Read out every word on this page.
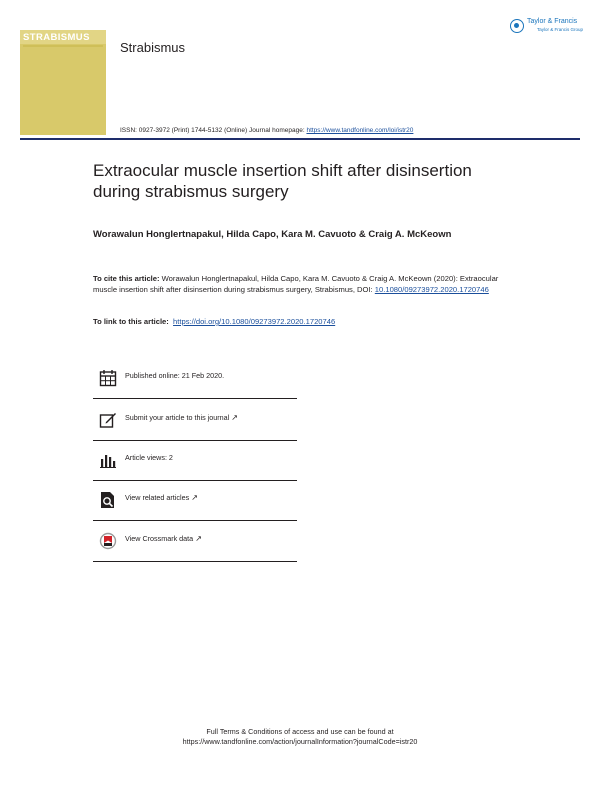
STRABISMUS
Strabismus
Taylor & Francis
Taylor & Francis Group
ISSN: 0927-3972 (Print) 1744-5132 (Online) Journal homepage: https://www.tandfonline.com/loi/istr20
Extraocular muscle insertion shift after disinsertion during strabismus surgery
Worawalun Honglertnapakul, Hilda Capo, Kara M. Cavuoto & Craig A. McKeown
To cite this article: Worawalun Honglertnapakul, Hilda Capo, Kara M. Cavuoto & Craig A. McKeown (2020): Extraocular muscle insertion shift after disinsertion during strabismus surgery, Strabismus, DOI: 10.1080/09273972.2020.1720746
To link to this article: https://doi.org/10.1080/09273972.2020.1720746
Published online: 21 Feb 2020.
Submit your article to this journal ↗
Article views: 2
View related articles ↗
View Crossmark data ↗
Full Terms & Conditions of access and use can be found at
https://www.tandfonline.com/action/journalInformation?journalCode=istr20
